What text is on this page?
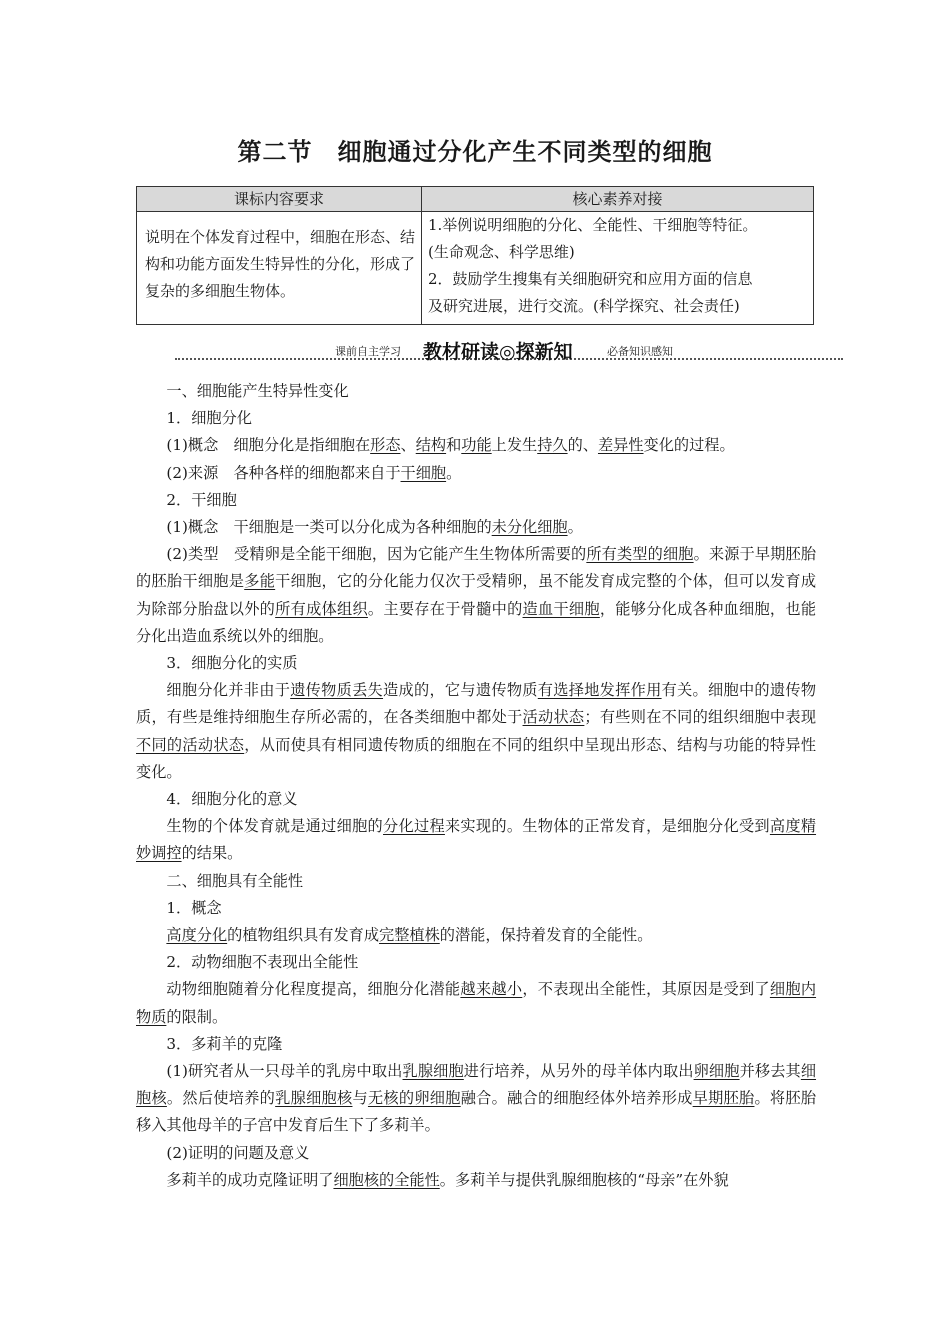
第二节　细胞通过分化产生不同类型的细胞
课标内容要求	核心素养对接
说明在个体发育过程中，细胞在形态、结构和功能方面发生特异性的分化，形成了复杂的多细胞生物体。	1.举例说明细胞的分化、全能性、干细胞等特征。
(生命观念、科学思维)
2．鼓励学生搜集有关细胞研究和应用方面的信息
及研究进展，进行交流。(科学探究、社会责任)
课前自主学习 教材研读◎探新知	必备知识感知

一、细胞能产生特异性变化

1．细胞分化

(1)概念　细胞分化是指细胞在形态、结构和功能上发生持久的、差异性变化的过程。

(2)来源　各种各样的细胞都来自于干细胞。

2．干细胞

(1)概念　干细胞是一类可以分化成为各种细胞的未分化细胞。

(2)类型　受精卵是全能干细胞，因为它能产生生物体所需要的所有类型的细胞。来源于早期胚胎的胚胎干细胞是多能干细胞，它的分化能力仅次于受精卵，虽不能发育成完整的个体，但可以发育成为除部分胎盘以外的所有成体组织。主要存在于骨髓中的造血干细胞，能够分化成各种血细胞，也能分化出造血系统以外的细胞。

3．细胞分化的实质

细胞分化并非由于遗传物质丢失造成的，它与遗传物质有选择地发挥作用有关。细胞中的遗传物质，有些是维持细胞生存所必需的，在各类细胞中都处于活动状态；有些则在不同的组织细胞中表现不同的活动状态，从而使具有相同遗传物质的细胞在不同的组织中呈现出形态、结构与功能的特异性变化。

4．细胞分化的意义

生物的个体发育就是通过细胞的分化过程来实现的。生物体的正常发育，是细胞分化受到高度精妙调控的结果。

二、细胞具有全能性

1．概念

高度分化的植物组织具有发育成完整植株的潜能，保持着发育的全能性。

2．动物细胞不表现出全能性

动物细胞随着分化程度提高，细胞分化潜能越来越小，不表现出全能性，其原因是受到了细胞内物质的限制。

3．多莉羊的克隆

(1)研究者从一只母羊的乳房中取出乳腺细胞进行培养，从另外的母羊体内取出卵细胞并移去其细胞核。然后使培养的乳腺细胞核与无核的卵细胞融合。融合的细胞经体外培养形成早期胚胎。将胚胎移入其他母羊的子宫中发育后生下了多莉羊。

(2)证明的问题及意义

多莉羊的成功克隆证明了细胞核的全能性。多莉羊与提供乳腺细胞核的“母亲”在外貌
